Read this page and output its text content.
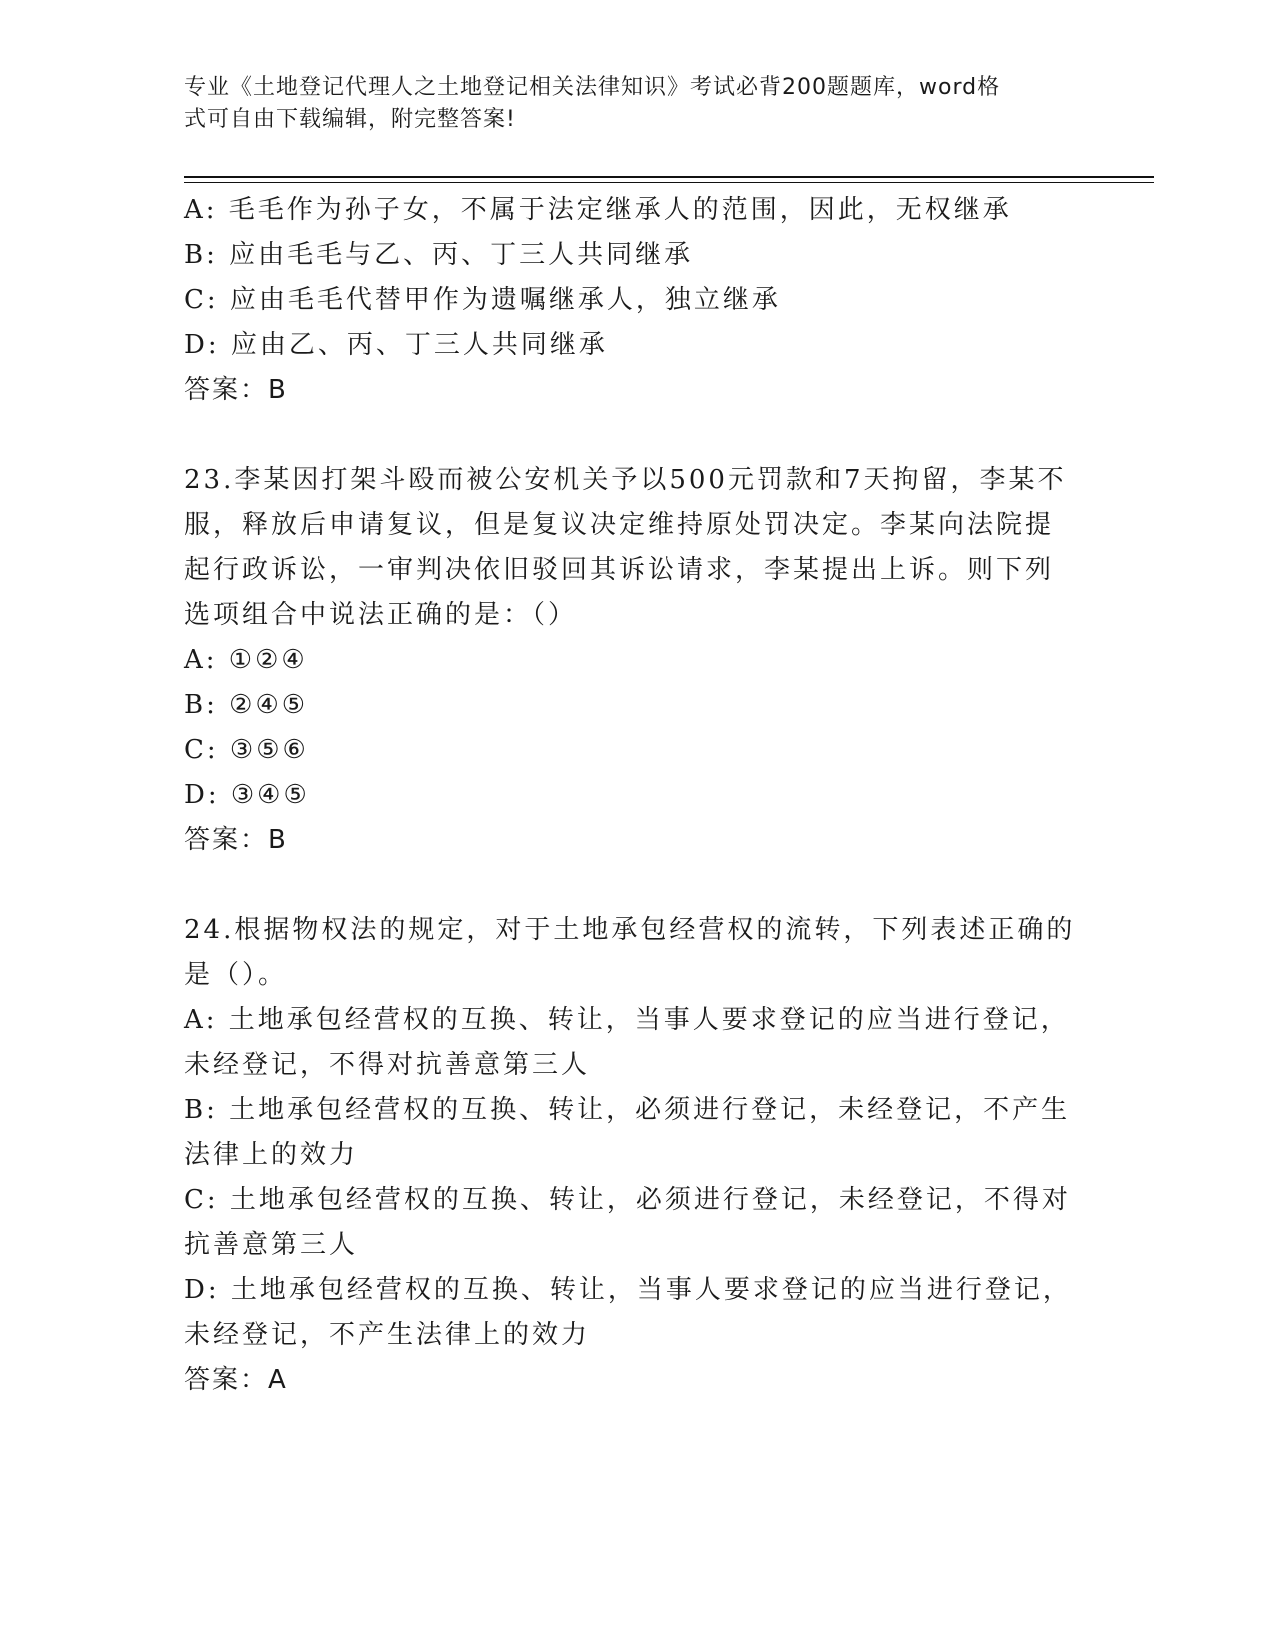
专业《土地登记代理人之土地登记相关法律知识》考试必背200题题库，word格
式可自由下载编辑，附完整答案!
A: 毛毛作为孙子女，不属于法定继承人的范围，因此，无权继承
B: 应由毛毛与乙、丙、丁三人共同继承
C: 应由毛毛代替甲作为遗嘱继承人，独立继承
D: 应由乙、丙、丁三人共同继承
答案：B
23.李某因打架斗殴而被公安机关予以500元罚款和7天拘留，李某不
服，释放后申请复议，但是复议决定维持原处罚决定。李某向法院提
起行政诉讼，一审判决依旧驳回其诉讼请求，李某提出上诉。则下列
选项组合中说法正确的是：（）
A: ①②④
B: ②④⑤
C: ③⑤⑥
D: ③④⑤
答案：B
24.根据物权法的规定，对于土地承包经营权的流转，下列表述正确的
是（）。
A: 土地承包经营权的互换、转让，当事人要求登记的应当进行登记，
未经登记，不得对抗善意第三人
B: 土地承包经营权的互换、转让，必须进行登记，未经登记，不产生
法律上的效力
C: 土地承包经营权的互换、转让，必须进行登记，未经登记，不得对
抗善意第三人
D: 土地承包经营权的互换、转让，当事人要求登记的应当进行登记，
未经登记，不产生法律上的效力
答案：A
